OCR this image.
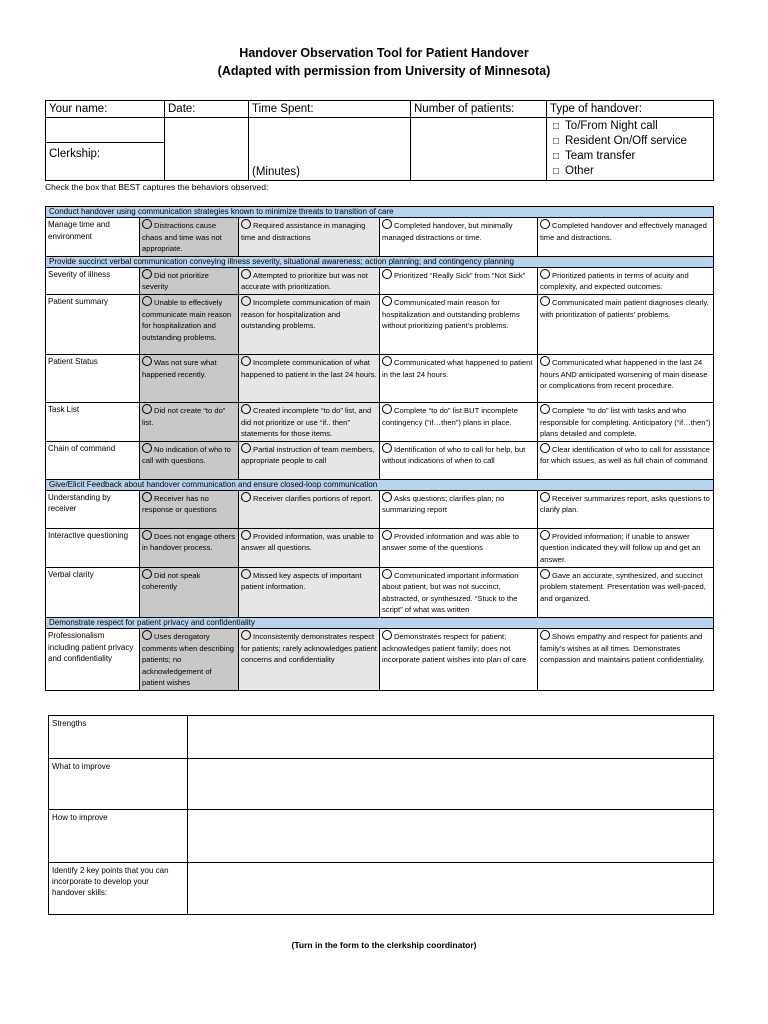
Handover Observation Tool for Patient Handover
(Adapted with permission from University of Minnesota)
Your name:	Date:	Time Spent:	Number of patients:	Type of handover:
		(Minutes)		□ To/From Night call
□ Resident On/Off service
□ Team transfer
□ Other

Clerkship:				
Check the box that BEST captures the behaviors observed:
Conduct handover using communication strategies known to minimize threats to transition of care				
Manage time and environment	Distractions cause chaos and time was not appropriate.	Required assistance in managing time and distractions	Completed handover, but minimally managed distractions or time.	Completed handover and effectively managed time and distractions.
Provide succinct verbal communication conveying illness severity, situational awareness; action planning; and contingency planning				
Severity of illness	Did not prioritize severity	Attempted to prioritize but was not accurate with prioritization.	Prioritized “Really Sick” from “Not Sick”	Prioritized patients in terms of acuity and complexity, and expected outcomes.
Patient summary	Unable to effectively communicate main reason for hospitalization and outstanding problems.	Incomplete communication of main reason for hospitalization and outstanding problems.	Communicated main reason for hospitalization and outstanding problems without prioritizing patient’s problems.	Communicated main patient diagnoses clearly, with prioritization of patients’ problems.
Patient Status	Was not sure what happened recently.	Incomplete communication of what happened to patient in the last 24 hours.	Communicated what happened to patient in the last 24 hours.	Communicated what happened in the last 24 hours AND anticipated worsening of main disease or complications from recent procedure.
Task List	Did not create “to do” list.	Created incomplete “to do” list, and did not prioritize or use “if.. then” statements for those items.	Complete “to do” list BUT incomplete contingency (“if…then”) plans in place.	Complete “to do” list with tasks and who responsible for completing. Anticipatory (“if…then”) plans detailed and complete.
Chain of command	No indication of who to call with questions.	Partial instruction of team members, appropriate people to call	Identification of who to call for help, but without indications of when to call	Clear identification of who to call for assistance for which issues, as well as full chain of command
Give/Elicit Feedback about handover communication and ensure closed-loop communication				
Understanding by receiver	Receiver has no response or questions	Receiver clarifies portions of report.	Asks questions; clarifies plan; no summarizing report	Receiver summarizes report, asks questions to clarify plan.
Interactive questioning	Does not engage others in handover process.	Provided information, was unable to answer all questions.	Provided information and was able to answer some of the questions	Provided information; if unable to answer question indicated they will follow up and get an answer.
Verbal clarity	Did not speak coherently	Missed key aspects of important patient information.	Communicated important information about patient, but was not succinct, abstracted, or synthesized. “Stuck to the script” of what was written	Gave an accurate, synthesized, and succinct problem statement. Presentation was well-paced, and organized.
Demonstrate respect for patient privacy and confidentiality				
Professionalism including patient privacy and confidentiality	Uses derogatory comments when describing patients; no acknowledgement of patient wishes	Inconsistently demonstrates respect for patients; rarely acknowledges patient concerns and confidentiality	Demonstrates respect for patient; acknowledges patient family; does not incorporate patient wishes into plan of care	Shows empathy and respect for patients and family’s wishes at all times. Demonstrates compassion and maintains patient confidentiality.
Strengths	
What to improve	
How to improve	
Identify 2 key points that you can incorporate to develop your handover skills:	
(Turn in the form to the clerkship coordinator)
